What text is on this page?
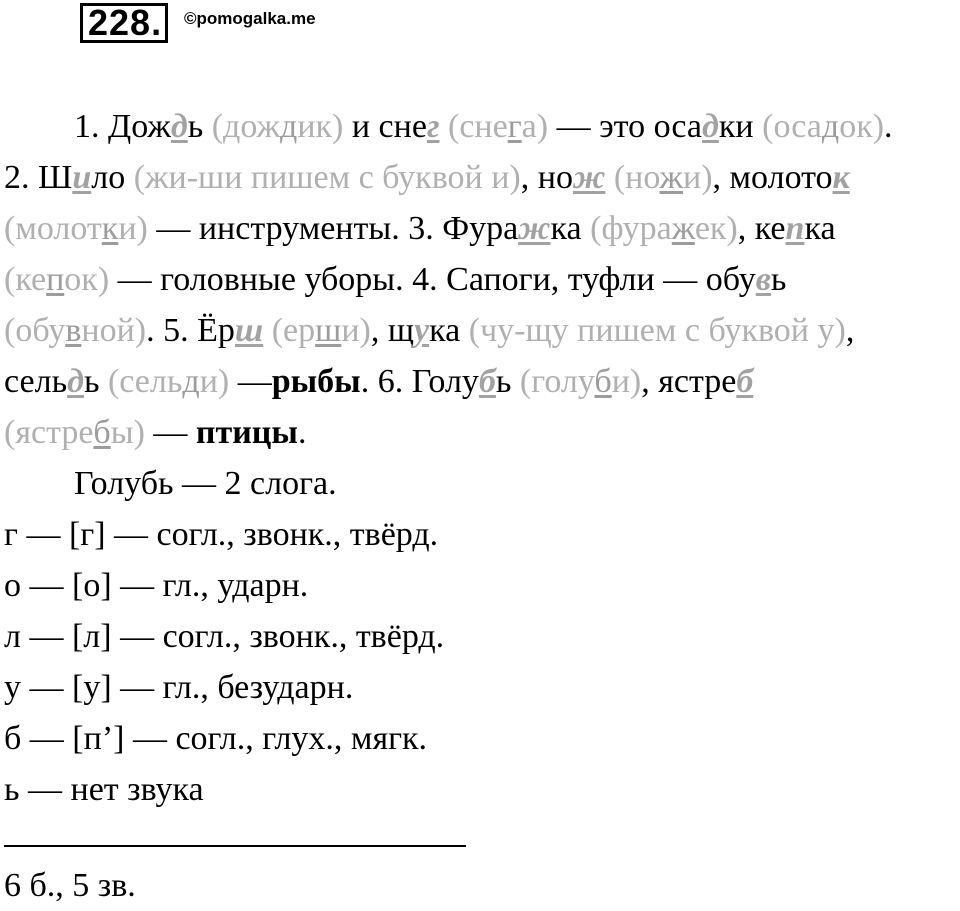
228.	©pomogalka.me
1. Дождь (дождик) и снег (снега) — это осадки (осадок).
2. Шило (жи-ши пишем с буквой и), нож (ножи), молоток
(молотки) — инструменты. 3. Фуражка (фуражек), кепка
(кепок) — головные уборы. 4. Сапоги, туфли — обувь
(обувной). 5. Ёрш (ерши), щука (чу-щу пишем с буквой у),
сельдь (сельди) —рыбы. 6. Голубь (голуби), ястреб
(ястребы) — птицы.
Голубь — 2 слога.
г — [г] — согл., звонк., твёрд.
о — [о] — гл., ударн.
л — [л] — согл., звонк., твёрд.
у — [у] — гл., безударн.
б — [п’] — согл., глух., мягк.
ь — нет звука
6 б., 5 зв.
